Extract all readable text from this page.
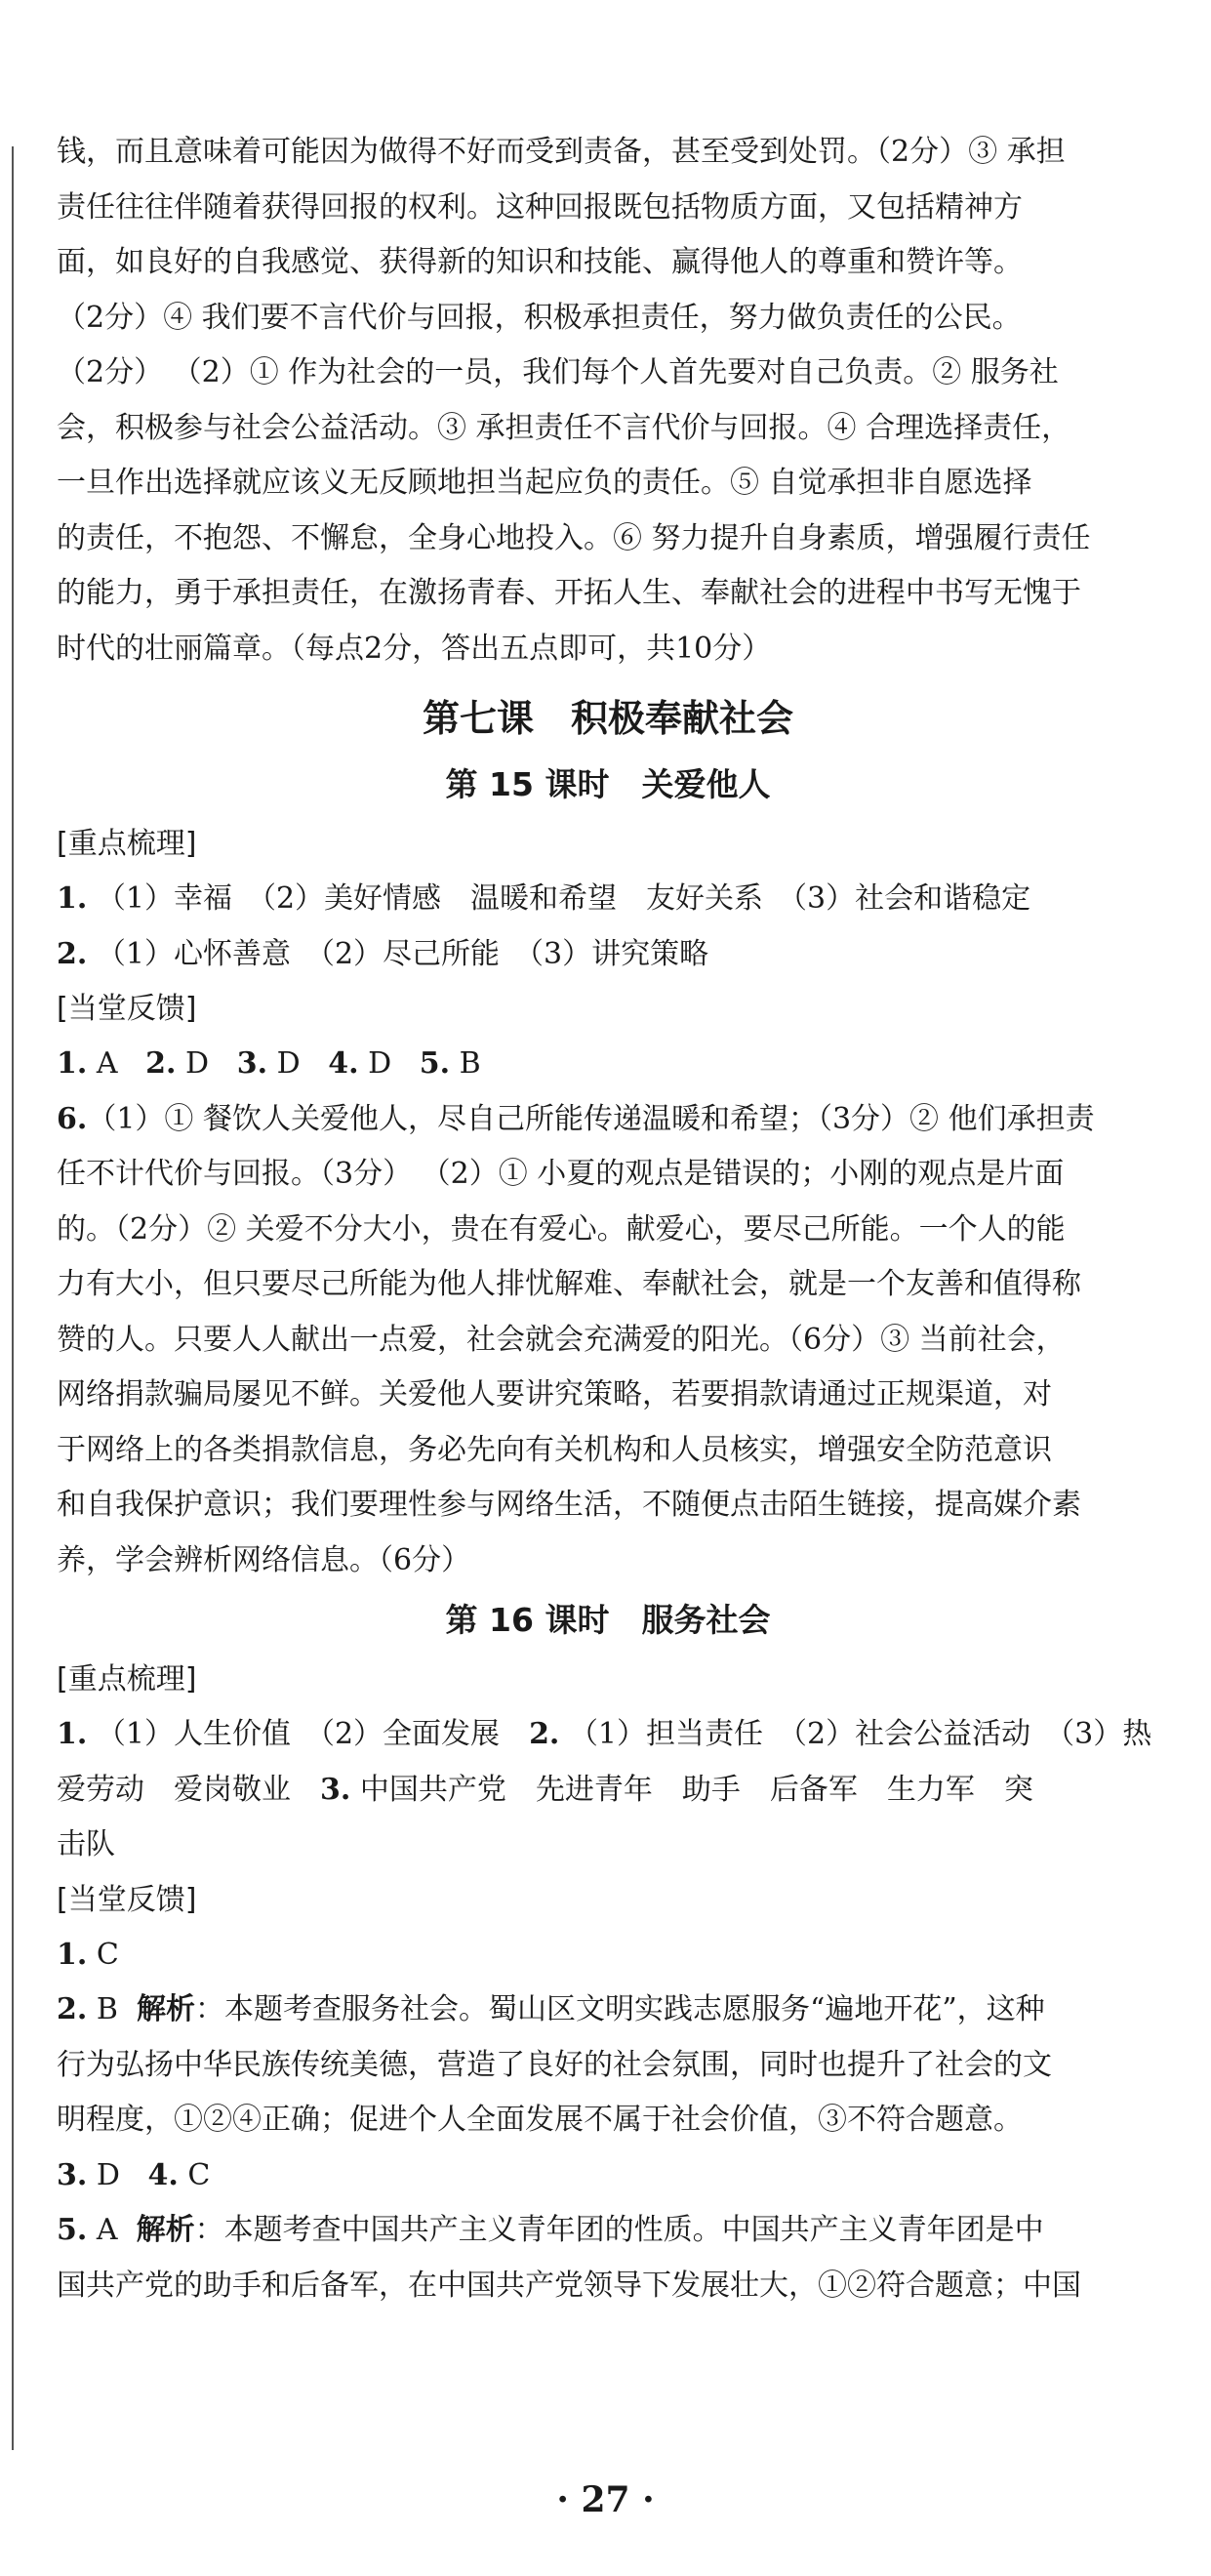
钱，而且意味着可能因为做得不好而受到责备，甚至受到处罚。（2分）③ 承担
责任往往伴随着获得回报的权利。这种回报既包括物质方面，又包括精神方
面，如良好的自我感觉、获得新的知识和技能、赢得他人的尊重和赞许等。
（2分）④ 我们要不言代价与回报，积极承担责任，努力做负责任的公民。
（2分） （2）① 作为社会的一员，我们每个人首先要对自己负责。② 服务社
会，积极参与社会公益活动。③ 承担责任不言代价与回报。④ 合理选择责任，
一旦作出选择就应该义无反顾地担当起应负的责任。⑤ 自觉承担非自愿选择
的责任，不抱怨、不懈怠，全身心地投入。⑥ 努力提升自身素质，增强履行责任
的能力，勇于承担责任，在激扬青春、开拓人生、奉献社会的进程中书写无愧于
时代的壮丽篇章。（每点2分，答出五点即可，共10分）

第七课　积极奉献社会
第 15 课时　关爱他人
[重点梳理]

1. （1）幸福　（2）美好情感　温暖和希望　友好关系　（3）社会和谐稳定
2. （1）心怀善意　（2）尽己所能　（3）讲究策略

[当堂反馈]

1. A 2. D 3. D 4. D 5. B

6.（1）① 餐饮人关爱他人，尽自己所能传递温暖和希望；（3分）② 他们承担责
任不计代价与回报。（3分） （2）① 小夏的观点是错误的；小刚的观点是片面
的。（2分）② 关爱不分大小，贵在有爱心。献爱心，要尽己所能。一个人的能
力有大小，但只要尽己所能为他人排忧解难、奉献社会，就是一个友善和值得称
赞的人。只要人人献出一点爱，社会就会充满爱的阳光。（6分）③ 当前社会，
网络捐款骗局屡见不鲜。关爱他人要讲究策略，若要捐款请通过正规渠道，对
于网络上的各类捐款信息，务必先向有关机构和人员核实，增强安全防范意识
和自我保护意识；我们要理性参与网络生活，不随便点击陌生链接，提高媒介素
养，学会辨析网络信息。（6分）

第 16 课时　服务社会
[重点梳理]

1. （1）人生价值　（2）全面发展　2. （1）担当责任　（2）社会公益活动　（3）热
爱劳动　爱岗敬业　3. 中国共产党　先进青年　助手　后备军　生力军　突
击队

[当堂反馈]

1. C
2. B 解析：本题考查服务社会。蜀山区文明实践志愿服务“遍地开花”，这种
行为弘扬中华民族传统美德，营造了良好的社会氛围，同时也提升了社会的文
明程度，①②④正确；促进个人全面发展不属于社会价值，③不符合题意。
3. D 4. C
5. A 解析：本题考查中国共产主义青年团的性质。中国共产主义青年团是中
国共产党的助手和后备军，在中国共产党领导下发展壮大，①②符合题意；中国

· 27 ·
